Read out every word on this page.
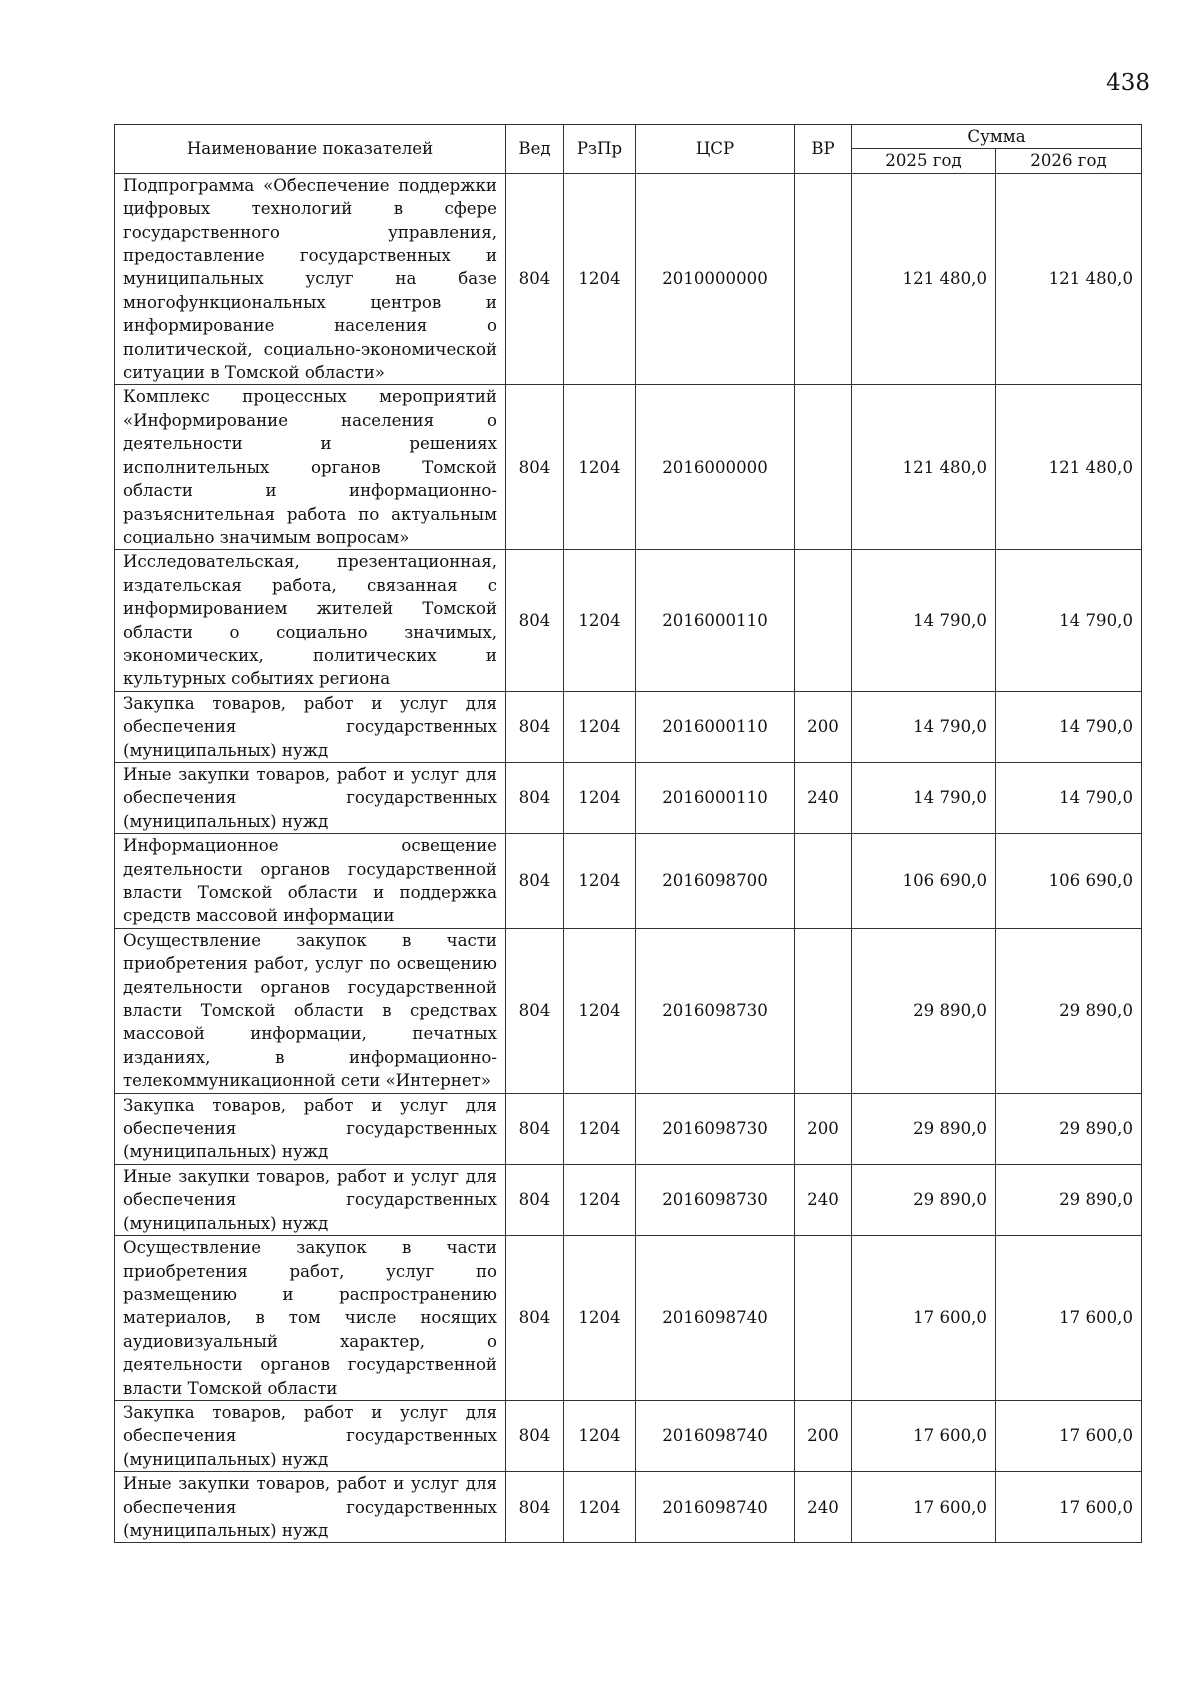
438
Наименование показателей	Вед	РзПр	ЦСР	ВР	Сумма	
					2025 год	2026 год
Подпрограмма «Обеспечение поддержки цифровых технологий в сфере государственного управления, предоставление государственных и муниципальных услуг на базе многофункциональных центров и информирование населения о политической, социально-экономической ситуации в Томской области»	804	1204	2010000000		121 480,0	121 480,0
Комплекс процессных мероприятий «Информирование населения о деятельности и решениях исполнительных органов Томской области и информационно-разъяснительная работа по актуальным социально значимым вопросам»	804	1204	2016000000		121 480,0	121 480,0
Исследовательская, презентационная, издательская работа, связанная с информированием жителей Томской области о социально значимых, экономических, политических и культурных событиях региона	804	1204	2016000110		14 790,0	14 790,0
Закупка товаров, работ и услуг для обеспечения государственных (муниципальных) нужд	804	1204	2016000110	200	14 790,0	14 790,0
Иные закупки товаров, работ и услуг для обеспечения государственных (муниципальных) нужд	804	1204	2016000110	240	14 790,0	14 790,0
Информационное освещение деятельности органов государственной власти Томской области и поддержка средств массовой информации	804	1204	2016098700		106 690,0	106 690,0
Осуществление закупок в части приобретения работ, услуг по освещению деятельности органов государственной власти Томской области в средствах массовой информации, печатных изданиях, в информационно-телекоммуникационной сети «Интернет»	804	1204	2016098730		29 890,0	29 890,0
Закупка товаров, работ и услуг для обеспечения государственных (муниципальных) нужд	804	1204	2016098730	200	29 890,0	29 890,0
Иные закупки товаров, работ и услуг для обеспечения государственных (муниципальных) нужд	804	1204	2016098730	240	29 890,0	29 890,0
Осуществление закупок в части приобретения работ, услуг по размещению и распространению материалов, в том числе носящих аудиовизуальный характер, о деятельности органов государственной власти Томской области	804	1204	2016098740		17 600,0	17 600,0
Закупка товаров, работ и услуг для обеспечения государственных (муниципальных) нужд	804	1204	2016098740	200	17 600,0	17 600,0
Иные закупки товаров, работ и услуг для обеспечения государственных (муниципальных) нужд	804	1204	2016098740	240	17 600,0	17 600,0
